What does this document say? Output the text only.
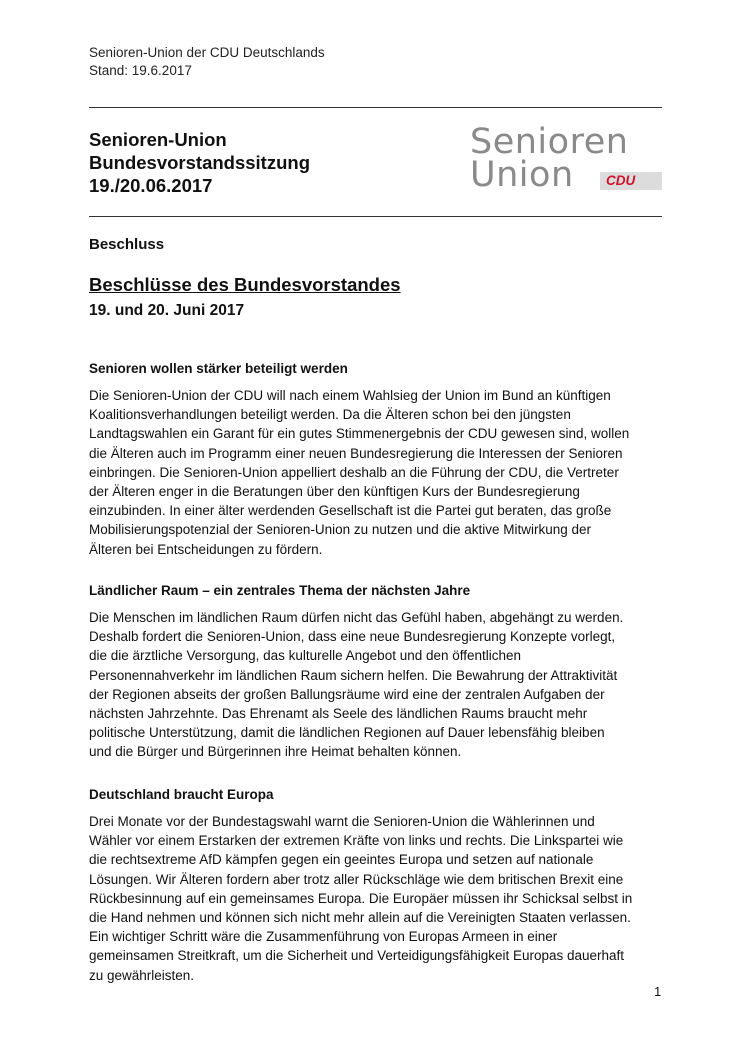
Senioren-Union der CDU Deutschlands
Stand: 19.6.2017
Senioren-Union
Bundesvorstandssitzung
19./20.06.2017
Senioren
Union CDU
Beschluss
Beschlüsse des Bundesvorstandes
19. und 20. Juni 2017
Senioren wollen stärker beteiligt werden

Die Senioren-Union der CDU will nach einem Wahlsieg der Union im Bund an künftigen
Koalitionsverhandlungen beteiligt werden. Da die Älteren schon bei den jüngsten
Landtagswahlen ein Garant für ein gutes Stimmenergebnis der CDU gewesen sind, wollen
die Älteren auch im Programm einer neuen Bundesregierung die Interessen der Senioren
einbringen. Die Senioren-Union appelliert deshalb an die Führung der CDU, die Vertreter
der Älteren enger in die Beratungen über den künftigen Kurs der Bundesregierung
einzubinden. In einer älter werdenden Gesellschaft ist die Partei gut beraten, das große
Mobilisierungspotenzial der Senioren-Union zu nutzen und die aktive Mitwirkung der
Älteren bei Entscheidungen zu fördern.

Ländlicher Raum – ein zentrales Thema der nächsten Jahre

Die Menschen im ländlichen Raum dürfen nicht das Gefühl haben, abgehängt zu werden.
Deshalb fordert die Senioren-Union, dass eine neue Bundesregierung Konzepte vorlegt,
die die ärztliche Versorgung, das kulturelle Angebot und den öffentlichen
Personennahverkehr im ländlichen Raum sichern helfen. Die Bewahrung der Attraktivität
der Regionen abseits der großen Ballungsräume wird eine der zentralen Aufgaben der
nächsten Jahrzehnte. Das Ehrenamt als Seele des ländlichen Raums braucht mehr
politische Unterstützung, damit die ländlichen Regionen auf Dauer lebensfähig bleiben
und die Bürger und Bürgerinnen ihre Heimat behalten können.

Deutschland braucht Europa

Drei Monate vor der Bundestagswahl warnt die Senioren-Union die Wählerinnen und
Wähler vor einem Erstarken der extremen Kräfte von links und rechts. Die Linkspartei wie
die rechtsextreme AfD kämpfen gegen ein geeintes Europa und setzen auf nationale
Lösungen. Wir Älteren fordern aber trotz aller Rückschläge wie dem britischen Brexit eine
Rückbesinnung auf ein gemeinsames Europa. Die Europäer müssen ihr Schicksal selbst in
die Hand nehmen und können sich nicht mehr allein auf die Vereinigten Staaten verlassen.
Ein wichtiger Schritt wäre die Zusammenführung von Europas Armeen in einer
gemeinsamen Streitkraft, um die Sicherheit und Verteidigungsfähigkeit Europas dauerhaft
zu gewährleisten.

1
